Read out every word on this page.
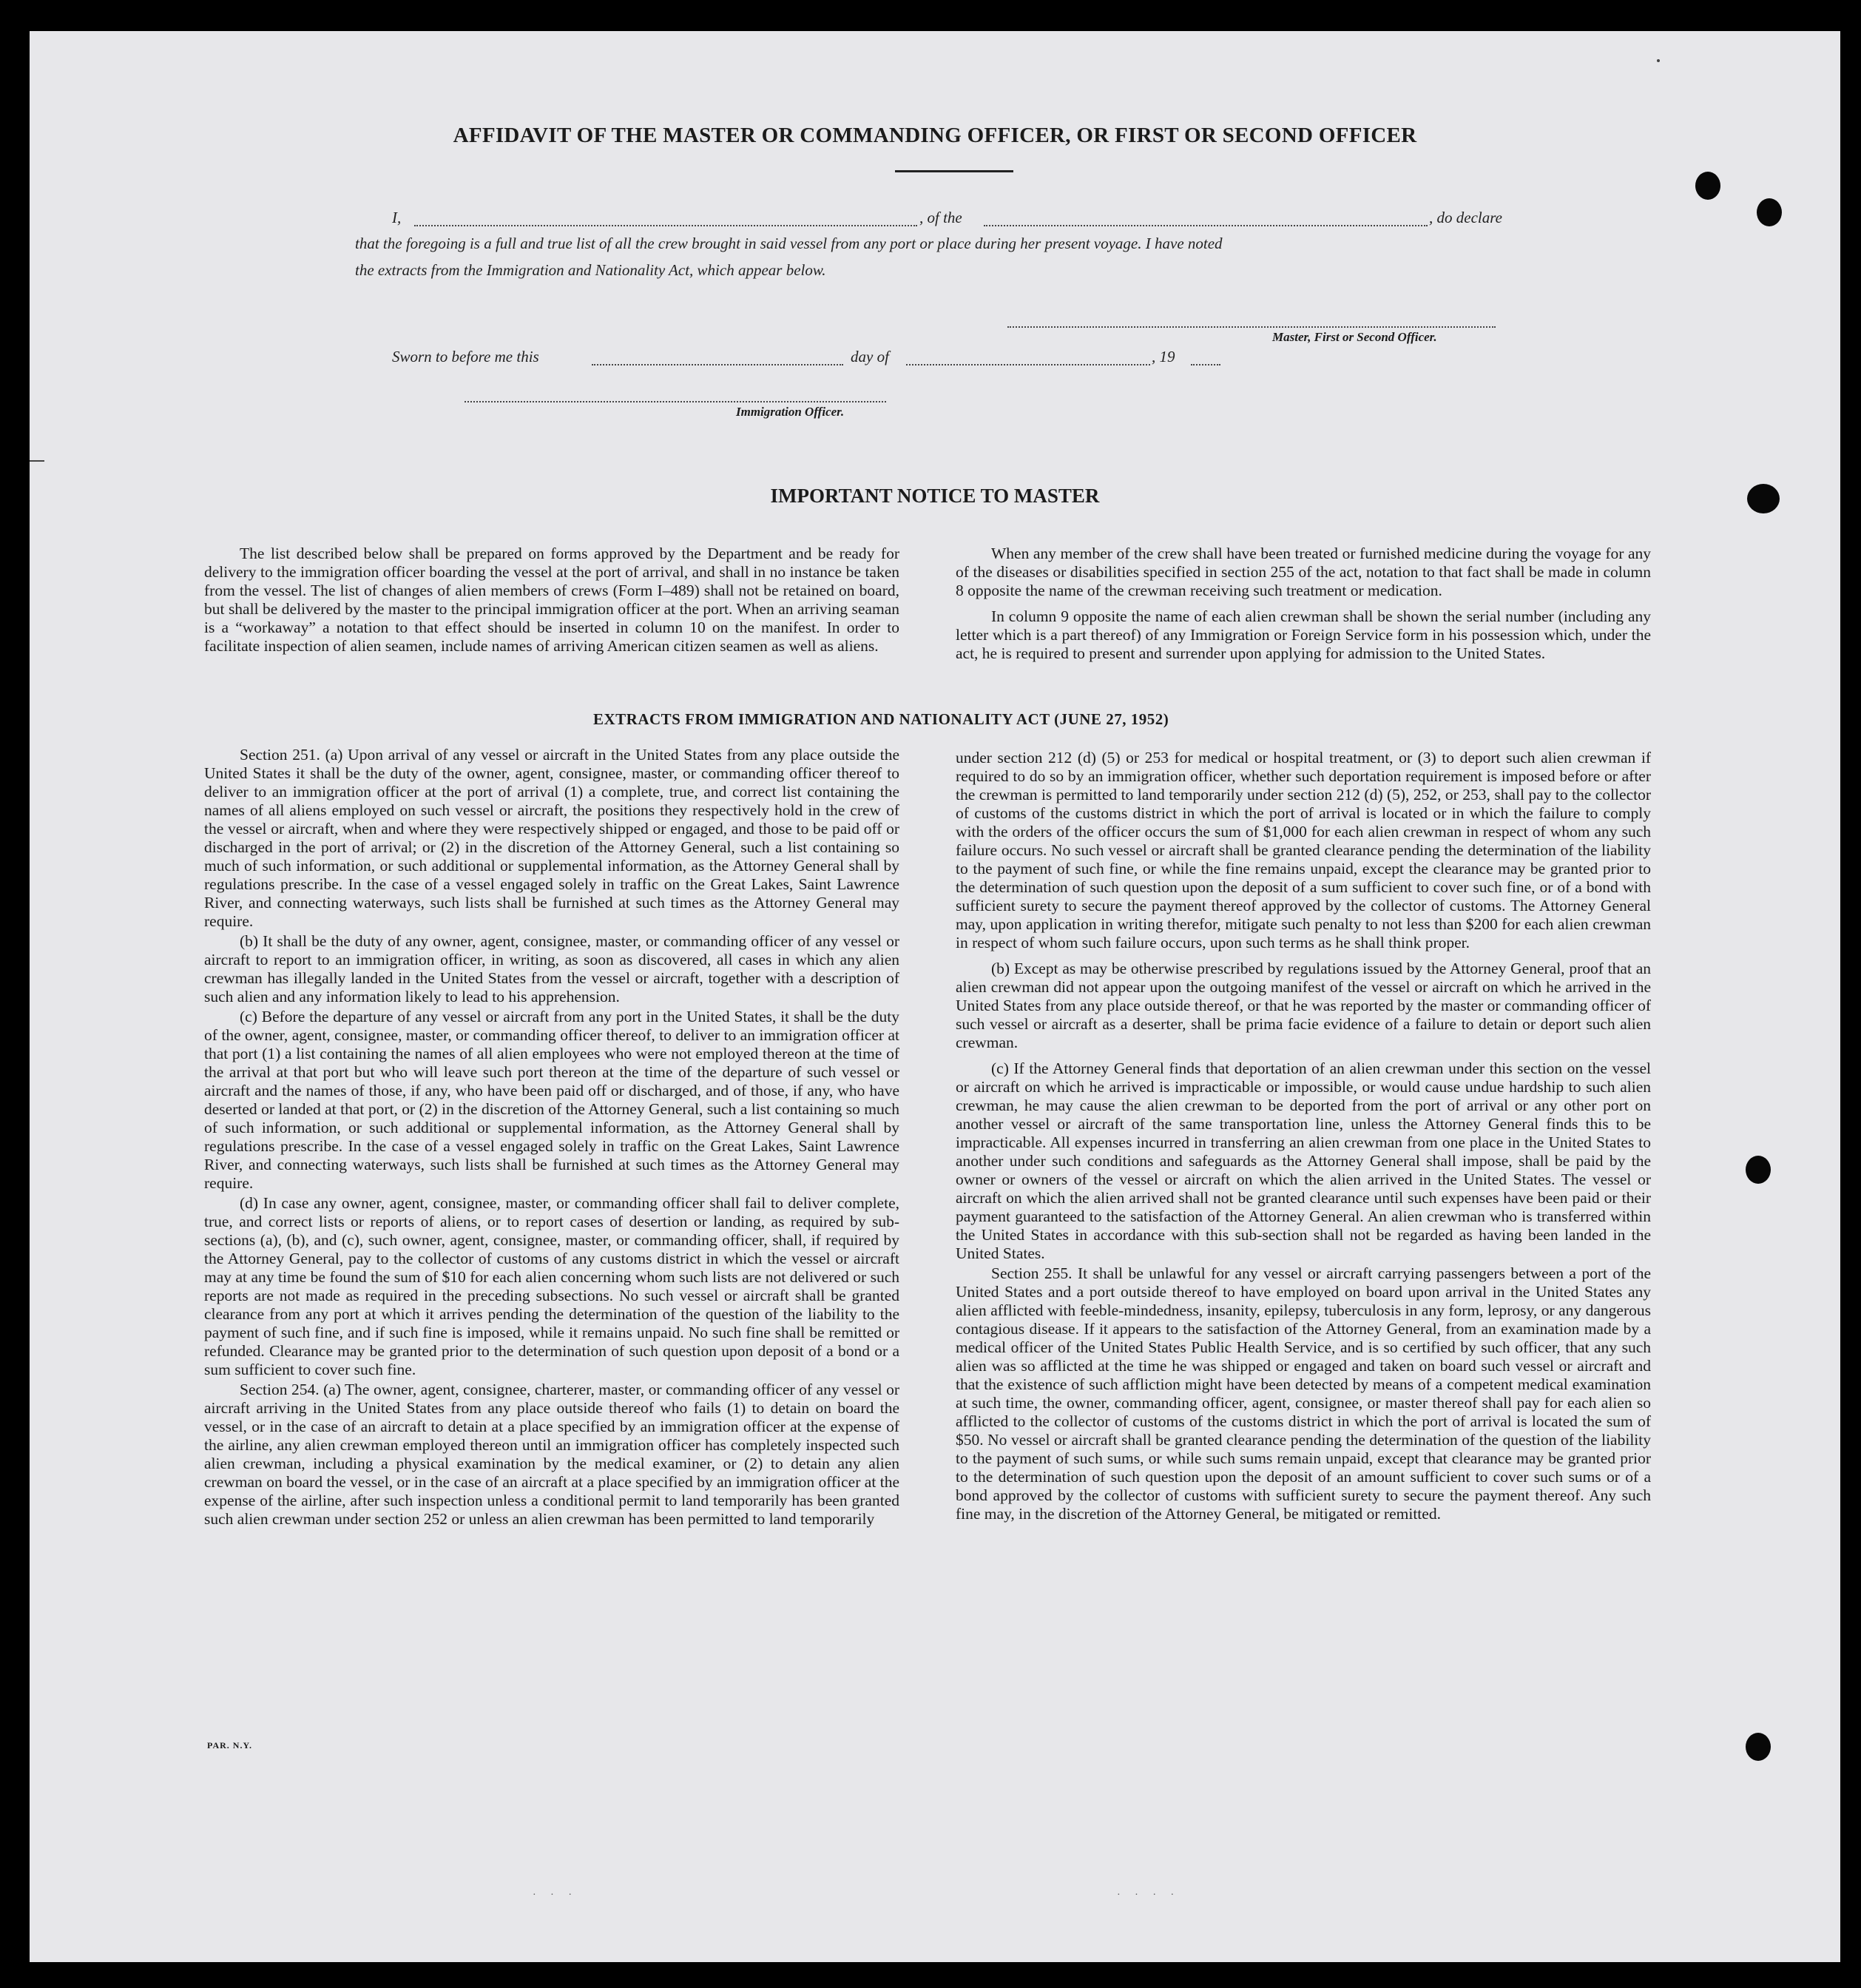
AFFIDAVIT OF THE MASTER OR COMMANDING OFFICER, OR FIRST OR SECOND OFFICER
I,	, of the	, do declare
that the foregoing is a full and true list of all the crew brought in said vessel from any port or place during her present voyage. I have noted
the extracts from the Immigration and Nationality Act, which appear below.
Master, First or Second Officer.
Sworn to before me this	day of	, 19
Immigration Officer.
IMPORTANT NOTICE TO MASTER

The list described below shall be prepared on forms approved by the Department and be ready for delivery to the immigration officer boarding the vessel at the port of arrival, and shall in no instance be taken from the vessel. The list of changes of alien members of crews (Form I–489) shall not be retained on board, but shall be delivered by the master to the principal immigration officer at the port. When an arriving seaman is a “workaway” a notation to that effect should be inserted in column 10 on the manifest. In order to facilitate inspection of alien seamen, include names of arriving American citizen seamen as well as aliens.

When any member of the crew shall have been treated or furnished medicine during the voyage for any of the diseases or disabilities specified in section 255 of the act, notation to that fact shall be made in column 8 opposite the name of the crewman receiving such treatment or medication.

In column 9 opposite the name of each alien crewman shall be shown the serial number (including any letter which is a part thereof) of any Immigration or Foreign Service form in his possession which, under the act, he is required to present and surrender upon applying for admission to the United States.

EXTRACTS FROM IMMIGRATION AND NATIONALITY ACT (JUNE 27, 1952)

Section 251. (a) Upon arrival of any vessel or aircraft in the United States from any place outside the United States it shall be the duty of the owner, agent, consignee, master, or commanding officer thereof to deliver to an immigration officer at the port of arrival (1) a complete, true, and correct list containing the names of all aliens employed on such vessel or aircraft, the positions they respectively hold in the crew of the vessel or aircraft, when and where they were respectively shipped or engaged, and those to be paid off or discharged in the port of arrival; or (2) in the discretion of the Attorney General, such a list containing so much of such information, or such additional or supplemental information, as the Attorney General shall by regulations prescribe. In the case of a vessel engaged solely in traffic on the Great Lakes, Saint Lawrence River, and connecting waterways, such lists shall be furnished at such times as the Attorney General may require.

(b) It shall be the duty of any owner, agent, consignee, master, or commanding officer of any vessel or aircraft to report to an immigration officer, in writing, as soon as discovered, all cases in which any alien crewman has illegally landed in the United States from the vessel or aircraft, together with a description of such alien and any information likely to lead to his apprehension.

(c) Before the departure of any vessel or aircraft from any port in the United States, it shall be the duty of the owner, agent, consignee, master, or commanding officer thereof, to deliver to an immigration officer at that port (1) a list containing the names of all alien employees who were not employed thereon at the time of the arrival at that port but who will leave such port thereon at the time of the departure of such vessel or aircraft and the names of those, if any, who have been paid off or discharged, and of those, if any, who have deserted or landed at that port, or (2) in the discretion of the Attorney General, such a list containing so much of such information, or such additional or supplemental information, as the Attorney General shall by regulations prescribe. In the case of a vessel engaged solely in traffic on the Great Lakes, Saint Lawrence River, and connecting waterways, such lists shall be furnished at such times as the Attorney General may require.

(d) In case any owner, agent, consignee, master, or commanding officer shall fail to deliver complete, true, and correct lists or reports of aliens, or to report cases of desertion or landing, as required by sub-sections (a), (b), and (c), such owner, agent, consignee, master, or commanding officer, shall, if required by the Attorney General, pay to the collector of customs of any customs district in which the vessel or aircraft may at any time be found the sum of $10 for each alien concerning whom such lists are not delivered or such reports are not made as required in the preceding subsections. No such vessel or aircraft shall be granted clearance from any port at which it arrives pending the determination of the question of the liability to the payment of such fine, and if such fine is imposed, while it remains unpaid. No such fine shall be remitted or refunded. Clearance may be granted prior to the determination of such question upon deposit of a bond or a sum sufficient to cover such fine.

Section 254. (a) The owner, agent, consignee, charterer, master, or commanding officer of any vessel or aircraft arriving in the United States from any place outside thereof who fails (1) to detain on board the vessel, or in the case of an aircraft to detain at a place specified by an immigration officer at the expense of the airline, any alien crewman employed thereon until an immigration officer has completely inspected such alien crewman, including a physical examination by the medical examiner, or (2) to detain any alien crewman on board the vessel, or in the case of an aircraft at a place specified by an immigration officer at the expense of the airline, after such inspection unless a conditional permit to land temporarily has been granted such alien crewman under section 252 or unless an alien crewman has been permitted to land temporarily

under section 212 (d) (5) or 253 for medical or hospital treatment, or (3) to deport such alien crewman if required to do so by an immigration officer, whether such deportation requirement is imposed before or after the crewman is permitted to land temporarily under section 212 (d) (5), 252, or 253, shall pay to the collector of customs of the customs district in which the port of arrival is located or in which the failure to comply with the orders of the officer occurs the sum of $1,000 for each alien crewman in respect of whom any such failure occurs. No such vessel or aircraft shall be granted clearance pending the determination of the liability to the payment of such fine, or while the fine remains unpaid, except the clearance may be granted prior to the determination of such question upon the deposit of a sum sufficient to cover such fine, or of a bond with sufficient surety to secure the payment thereof approved by the collector of customs. The Attorney General may, upon application in writing therefor, mitigate such penalty to not less than $200 for each alien crewman in respect of whom such failure occurs, upon such terms as he shall think proper.

(b) Except as may be otherwise prescribed by regulations issued by the Attorney General, proof that an alien crewman did not appear upon the outgoing manifest of the vessel or aircraft on which he arrived in the United States from any place outside thereof, or that he was reported by the master or commanding officer of such vessel or aircraft as a deserter, shall be prima facie evidence of a failure to detain or deport such alien crewman.

(c) If the Attorney General finds that deportation of an alien crewman under this section on the vessel or aircraft on which he arrived is impracticable or impossible, or would cause undue hardship to such alien crewman, he may cause the alien crewman to be deported from the port of arrival or any other port on another vessel or aircraft of the same transportation line, unless the Attorney General finds this to be impracticable. All expenses incurred in transferring an alien crewman from one place in the United States to another under such conditions and safeguards as the Attorney General shall impose, shall be paid by the owner or owners of the vessel or aircraft on which the alien arrived in the United States. The vessel or aircraft on which the alien arrived shall not be granted clearance until such expenses have been paid or their payment guaranteed to the satisfaction of the Attorney General. An alien crewman who is transferred within the United States in accordance with this sub-section shall not be regarded as having been landed in the United States.

Section 255. It shall be unlawful for any vessel or aircraft carrying passengers between a port of the United States and a port outside thereof to have employed on board upon arrival in the United States any alien afflicted with feeble-mindedness, insanity, epilepsy, tuberculosis in any form, leprosy, or any dangerous contagious disease. If it appears to the satisfaction of the Attorney General, from an examination made by a medical officer of the United States Public Health Service, and is so certified by such officer, that any such alien was so afflicted at the time he was shipped or engaged and taken on board such vessel or aircraft and that the existence of such affliction might have been detected by means of a competent medical examination at such time, the owner, commanding officer, agent, consignee, or master thereof shall pay for each alien so afflicted to the collector of customs of the customs district in which the port of arrival is located the sum of $50. No vessel or aircraft shall be granted clearance pending the determination of the question of the liability to the payment of such sums, or while such sums remain unpaid, except that clearance may be granted prior to the determination of such question upon the deposit of an amount sufficient to cover such sums or of a bond approved by the collector of customs with sufficient surety to secure the payment thereof. Any such fine may, in the discretion of the Attorney General, be mitigated or remitted.

PAR. N.Y.
· · ·	· · · ·
